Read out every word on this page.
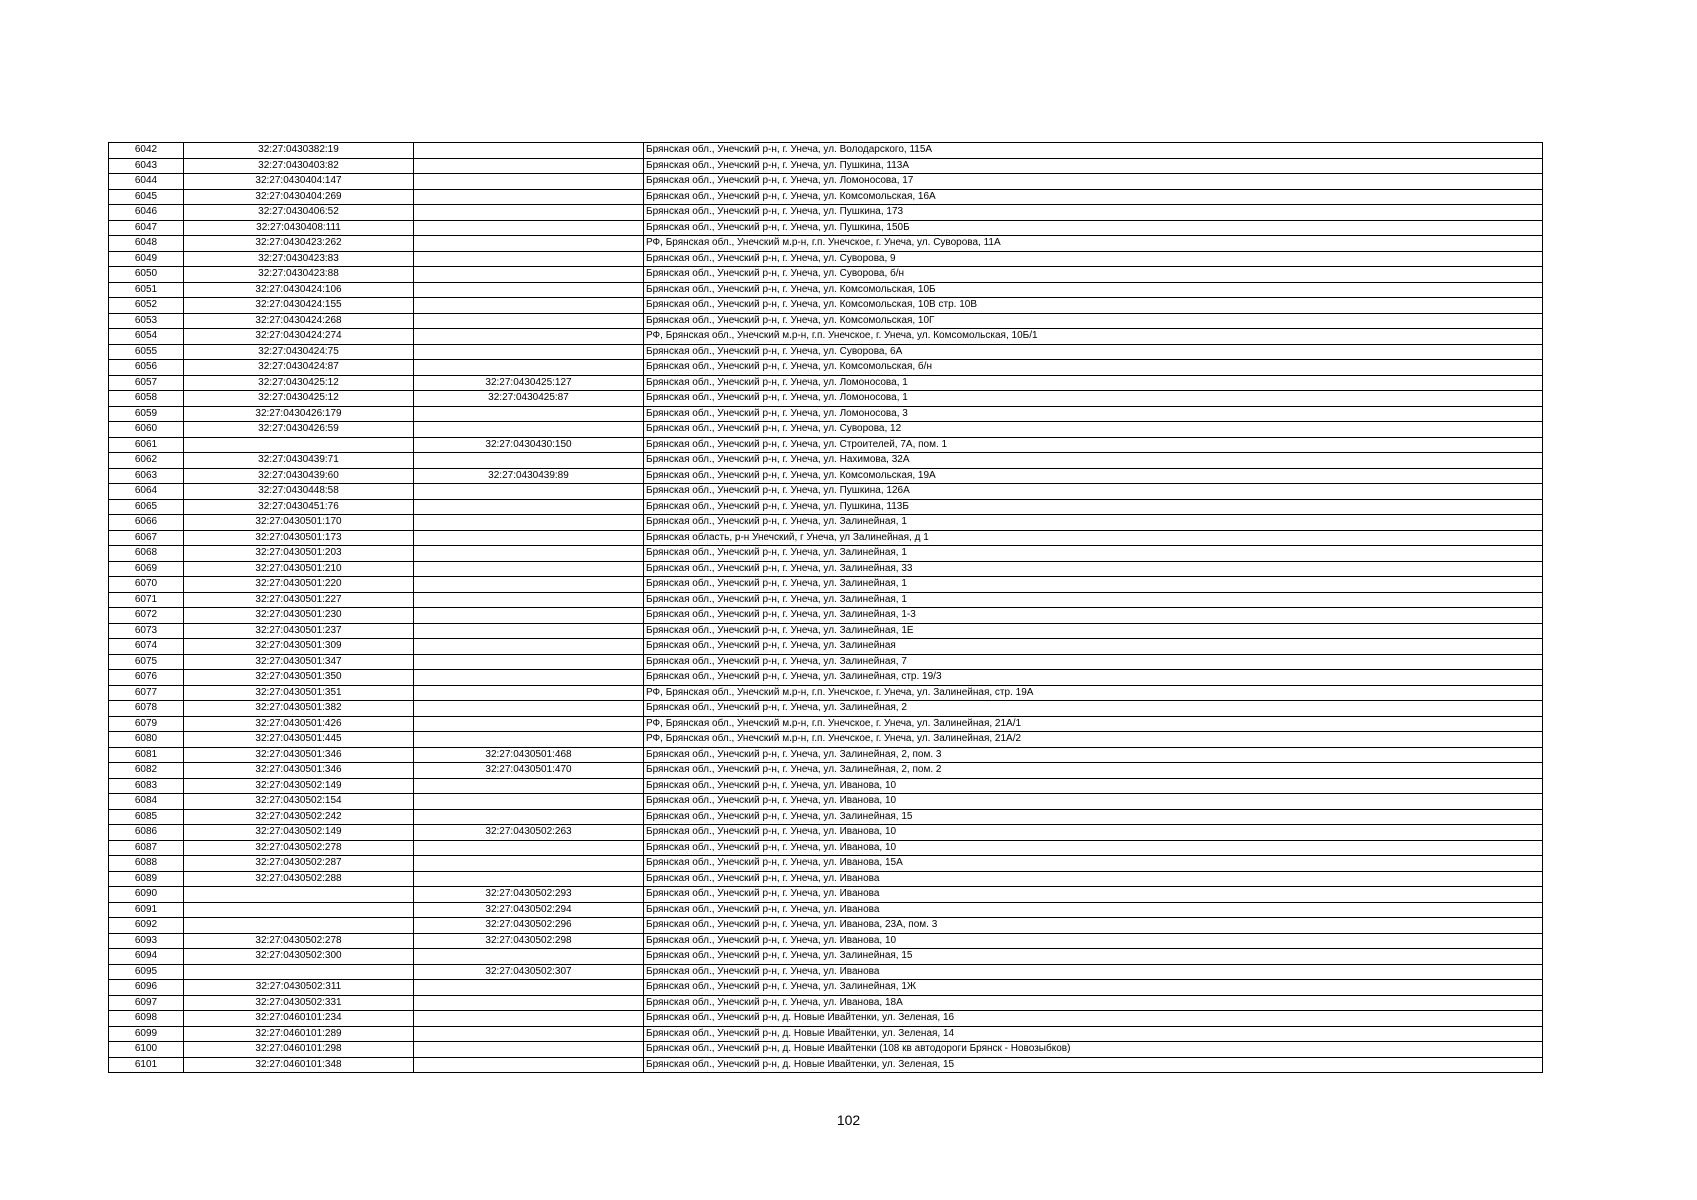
6042	32:27:0430382:19		Брянская обл., Унечский р-н, г. Унеча, ул. Володарского, 115А
6043	32:27:0430403:82		Брянская обл., Унечский р-н, г. Унеча, ул. Пушкина, 113А
6044	32:27:0430404:147		Брянская обл., Унечский р-н, г. Унеча, ул. Ломоносова, 17
6045	32:27:0430404:269		Брянская обл., Унечский р-н, г. Унеча, ул. Комсомольская, 16А
6046	32:27:0430406:52		Брянская обл., Унечский р-н, г. Унеча, ул. Пушкина, 173
6047	32:27:0430408:111		Брянская обл., Унечский р-н, г. Унеча, ул. Пушкина, 150Б
6048	32:27:0430423:262		РФ, Брянская обл., Унечский м.р-н, г.п. Унечское, г. Унеча, ул. Суворова, 11А
6049	32:27:0430423:83		Брянская обл., Унечский р-н, г. Унеча, ул. Суворова, 9
6050	32:27:0430423:88		Брянская обл., Унечский р-н, г. Унеча, ул. Суворова, б/н
6051	32:27:0430424:106		Брянская обл., Унечский р-н, г. Унеча, ул. Комсомольская, 10Б
6052	32:27:0430424:155		Брянская обл., Унечский р-н, г. Унеча, ул. Комсомольская, 10В стр. 10В
6053	32:27:0430424:268		Брянская обл., Унечский р-н, г. Унеча, ул. Комсомольская, 10Г
6054	32:27:0430424:274		РФ, Брянская обл., Унечский м.р-н, г.п. Унечское, г. Унеча, ул. Комсомольская, 10Б/1
6055	32:27:0430424:75		Брянская обл., Унечский р-н, г. Унеча, ул. Суворова, 6А
6056	32:27:0430424:87		Брянская обл., Унечский р-н, г. Унеча, ул. Комсомольская, б/н
6057	32:27:0430425:12	32:27:0430425:127	Брянская обл., Унечский р-н, г. Унеча, ул. Ломоносова, 1
6058	32:27:0430425:12	32:27:0430425:87	Брянская обл., Унечский р-н, г. Унеча, ул. Ломоносова, 1
6059	32:27:0430426:179		Брянская обл., Унечский р-н, г. Унеча, ул. Ломоносова, 3
6060	32:27:0430426:59		Брянская обл., Унечский р-н, г. Унеча, ул. Суворова, 12
6061		32:27:0430430:150	Брянская обл., Унечский р-н, г. Унеча, ул. Строителей, 7А, пом. 1
6062	32:27:0430439:71		Брянская обл., Унечский р-н, г. Унеча, ул. Нахимова, 32А
6063	32:27:0430439:60	32:27:0430439:89	Брянская обл., Унечский р-н, г. Унеча, ул. Комсомольская, 19А
6064	32:27:0430448:58		Брянская обл., Унечский р-н, г. Унеча, ул. Пушкина, 126А
6065	32:27:0430451:76		Брянская обл., Унечский р-н, г. Унеча, ул. Пушкина, 113Б
6066	32:27:0430501:170		Брянская обл., Унечский р-н, г. Унеча, ул. Залинейная, 1
6067	32:27:0430501:173		Брянская область, р-н Унечский, г Унеча, ул Залинейная, д 1
6068	32:27:0430501:203		Брянская обл., Унечский р-н, г. Унеча, ул. Залинейная, 1
6069	32:27:0430501:210		Брянская обл., Унечский р-н, г. Унеча, ул. Залинейная, 33
6070	32:27:0430501:220		Брянская обл., Унечский р-н, г. Унеча, ул. Залинейная, 1
6071	32:27:0430501:227		Брянская обл., Унечский р-н, г. Унеча, ул. Залинейная, 1
6072	32:27:0430501:230		Брянская обл., Унечский р-н, г. Унеча, ул. Залинейная, 1-3
6073	32:27:0430501:237		Брянская обл., Унечский р-н, г. Унеча, ул. Залинейная, 1Е
6074	32:27:0430501:309		Брянская обл., Унечский р-н, г. Унеча, ул. Залинейная
6075	32:27:0430501:347		Брянская обл., Унечский р-н, г. Унеча, ул. Залинейная, 7
6076	32:27:0430501:350		Брянская обл., Унечский р-н, г. Унеча, ул. Залинейная, стр. 19/3
6077	32:27:0430501:351		РФ, Брянская обл., Унечский м.р-н, г.п. Унечское, г. Унеча, ул. Залинейная, стр. 19А
6078	32:27:0430501:382		Брянская обл., Унечский р-н, г. Унеча, ул. Залинейная, 2
6079	32:27:0430501:426		РФ, Брянская обл., Унечский м.р-н, г.п. Унечское, г. Унеча, ул. Залинейная, 21А/1
6080	32:27:0430501:445		РФ, Брянская обл., Унечский м.р-н, г.п. Унечское, г. Унеча, ул. Залинейная, 21А/2
6081	32:27:0430501:346	32:27:0430501:468	Брянская обл., Унечский р-н, г. Унеча, ул. Залинейная, 2, пом. 3
6082	32:27:0430501:346	32:27:0430501:470	Брянская обл., Унечский р-н, г. Унеча, ул. Залинейная, 2, пом. 2
6083	32:27:0430502:149		Брянская обл., Унечский р-н, г. Унеча, ул. Иванова, 10
6084	32:27:0430502:154		Брянская обл., Унечский р-н, г. Унеча, ул. Иванова, 10
6085	32:27:0430502:242		Брянская обл., Унечский р-н, г. Унеча, ул. Залинейная, 15
6086	32:27:0430502:149	32:27:0430502:263	Брянская обл., Унечский р-н, г. Унеча, ул. Иванова, 10
6087	32:27:0430502:278		Брянская обл., Унечский р-н, г. Унеча, ул. Иванова, 10
6088	32:27:0430502:287		Брянская обл., Унечский р-н, г. Унеча, ул. Иванова, 15А
6089	32:27:0430502:288		Брянская обл., Унечский р-н, г. Унеча, ул. Иванова
6090		32:27:0430502:293	Брянская обл., Унечский р-н, г. Унеча, ул. Иванова
6091		32:27:0430502:294	Брянская обл., Унечский р-н, г. Унеча, ул. Иванова
6092		32:27:0430502:296	Брянская обл., Унечский р-н, г. Унеча, ул. Иванова, 23А, пом. 3
6093	32:27:0430502:278	32:27:0430502:298	Брянская обл., Унечский р-н, г. Унеча, ул. Иванова, 10
6094	32:27:0430502:300		Брянская обл., Унечский р-н, г. Унеча, ул. Залинейная, 15
6095		32:27:0430502:307	Брянская обл., Унечский р-н, г. Унеча, ул. Иванова
6096	32:27:0430502:311		Брянская обл., Унечский р-н, г. Унеча, ул. Залинейная, 1Ж
6097	32:27:0430502:331		Брянская обл., Унечский р-н, г. Унеча, ул. Иванова, 18А
6098	32:27:0460101:234		Брянская обл., Унечский р-н, д. Новые Ивайтенки, ул. Зеленая, 16
6099	32:27:0460101:289		Брянская обл., Унечский р-н, д. Новые Ивайтенки, ул. Зеленая, 14
6100	32:27:0460101:298		Брянская обл., Унечский р-н, д. Новые Ивайтенки (108 кв автодороги Брянск - Новозыбков)
6101	32:27:0460101:348		Брянская обл., Унечский р-н, д. Новые Ивайтенки, ул. Зеленая, 15
102
